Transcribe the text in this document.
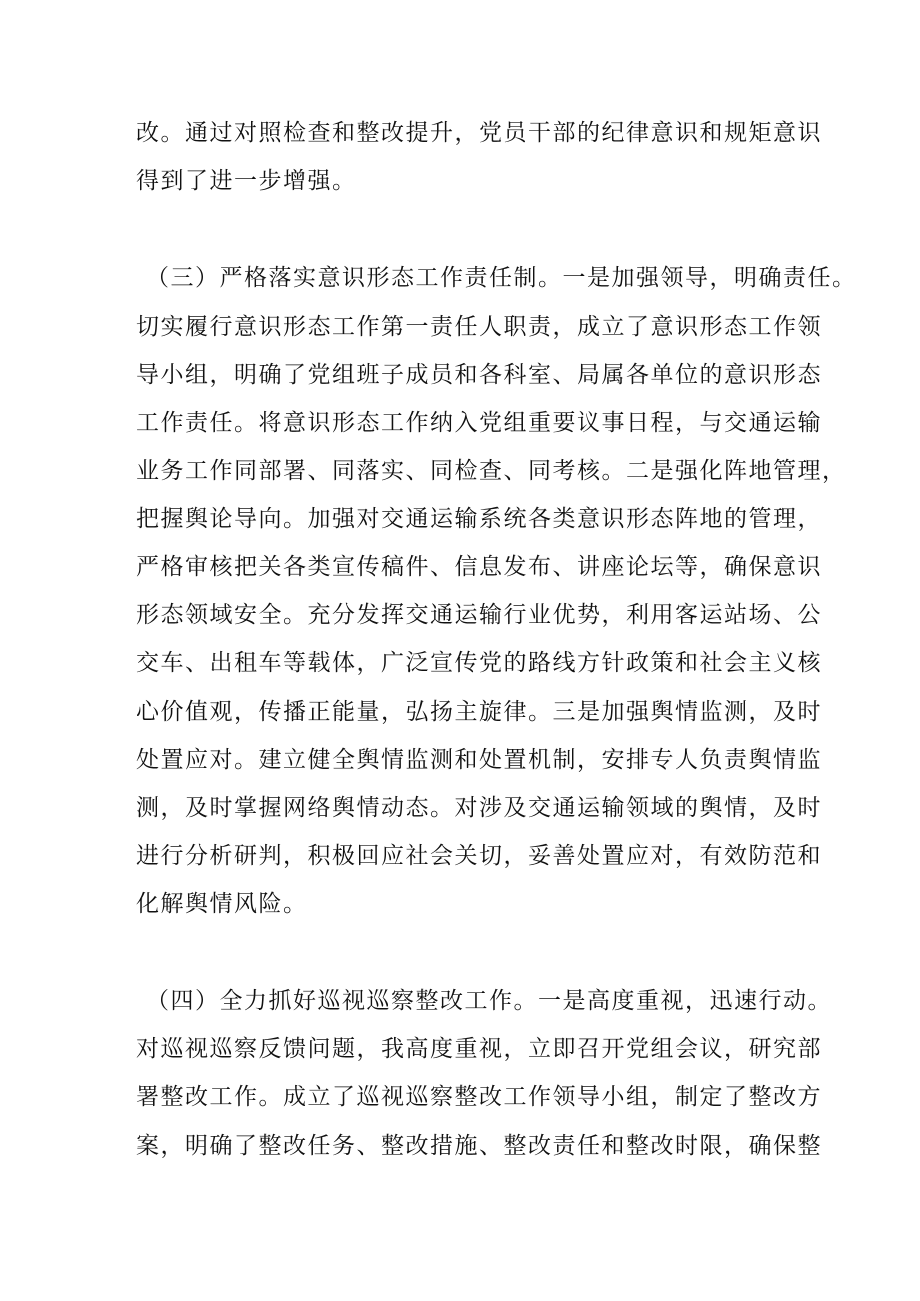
改。通过对照检查和整改提升，党员干部的纪律意识和规矩意识

得到了进一步增强。

（三）严格落实意识形态工作责任制。一是加强领导，明确责任。

切实履行意识形态工作第一责任人职责，成立了意识形态工作领

导小组，明确了党组班子成员和各科室、局属各单位的意识形态

工作责任。将意识形态工作纳入党组重要议事日程，与交通运输

业务工作同部署、同落实、同检查、同考核。二是强化阵地管理，

把握舆论导向。加强对交通运输系统各类意识形态阵地的管理，

严格审核把关各类宣传稿件、信息发布、讲座论坛等，确保意识

形态领域安全。充分发挥交通运输行业优势，利用客运站场、公

交车、出租车等载体，广泛宣传党的路线方针政策和社会主义核

心价值观，传播正能量，弘扬主旋律。三是加强舆情监测，及时

处置应对。建立健全舆情监测和处置机制，安排专人负责舆情监

测，及时掌握网络舆情动态。对涉及交通运输领域的舆情，及时

进行分析研判，积极回应社会关切，妥善处置应对，有效防范和

化解舆情风险。

（四）全力抓好巡视巡察整改工作。一是高度重视，迅速行动。

对巡视巡察反馈问题，我高度重视，立即召开党组会议，研究部

署整改工作。成立了巡视巡察整改工作领导小组，制定了整改方

案，明确了整改任务、整改措施、整改责任和整改时限，确保整
